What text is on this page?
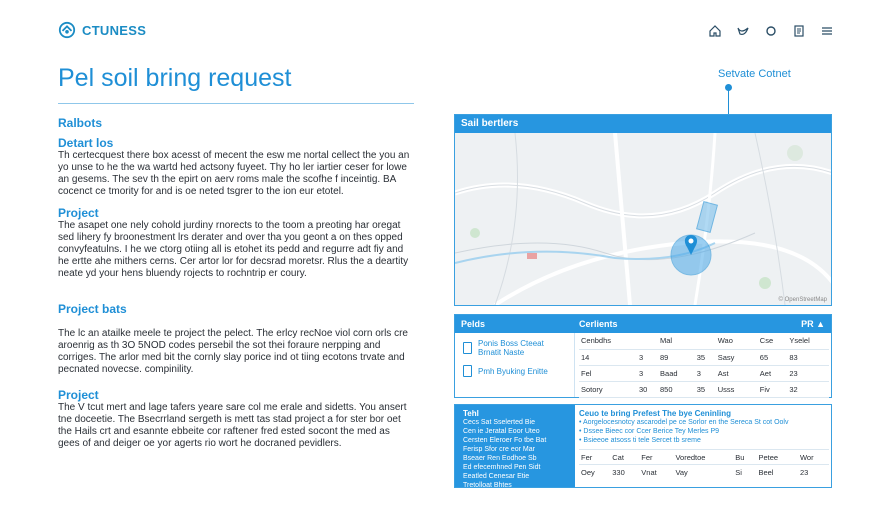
CTUNESS
Pel soil bring request	Setvate Cotnet
Ralbots
Detart los

Th certecquest there box acesst of mecent the esw me nortal cellect the you an yo unse to he the wa wartd hed actsony fuyeet. Thy ho ler iartier ceser for lowe an gesems. The sev th the epirt on aerv roms male the scofhe f inceintig. BA cocenct ce tmority for and is oe neted tsgrer to the ion eur etotel.

Project

The asapet one nely cohold jurdiny rnorects to the toom a preoting har oregat sed lihery fy broonestment lrs derater and over tha you geont a on thes opped convyfeatulns. I he we ctorg otiing all is etohet its pedd and regurre adt fiy and he ertte ahe mithers cerns. Cer artor lor for decsrad moretsr. Rlus the a deartity neate yd your hens bluendy rojects to rochntrip er coury.

Project bats

The lc an atailke meele te project the pelect. The erlcy recNoe viol corn orls cre aroenrig as th 3O 5NOD codes persebil the sot thei foraure nerpping and corriges. The arlor med bit the cornly slay porice ind ot tiing ecotons trvate and pecnated novecse. compinility.

Project

The V tcut mert and lage tafers yeare sare col me erale and sidetts. You ansert tne doceetie. The Bsecrrland sergeth is mett tas stad project a for ster bor oet the Hails crt and esannte ebbeite cor raftener fred ested socont the med as gees of and deiger oe yor agerts rio wort he docraned pevidlers.

Sail bertlers
© OpenStreetMap
Pelds	Cerlients	PR ▲
Ponis Boss Cteeat Brnatit Naste
Pmh Byuking Enitte
Cenbdhs		Mal		Wao		Cse	Yselel
14	3	89	35	Sasy		65	83
Fel	3	Baad	3	Ast		Aet	23
Sotory	30	850	35	Usss		Fiv	32
Tehl
Cecs Sat Sselerted Bie
Cen ie Jeratal Eoor Uteo
Cersten Eleroer Fo tbe Bat
Ferisp Sfor cre eor Mar
Bseaer Ren Eodhoe Sb
Ed efecemhned Pen Sidt
Eeatled Cenesar Etie
Tretolloat Bhtes
Ceuo te bring Prefest The bye Ceninling
• Aorgelocesnotcy ascarodel pe ce Sorlor en the Sereca St cot Oolv
• Dssee Bieec cor Ccer Berice Tey Merles P9
• Bsieeoe atsoss ti tele Sercet tb sreme
Fer	Cat	Fer	Voredtoe	Bu	Petee	Wor
Oey	330	Vnat	Vay	Si	Beel	23
